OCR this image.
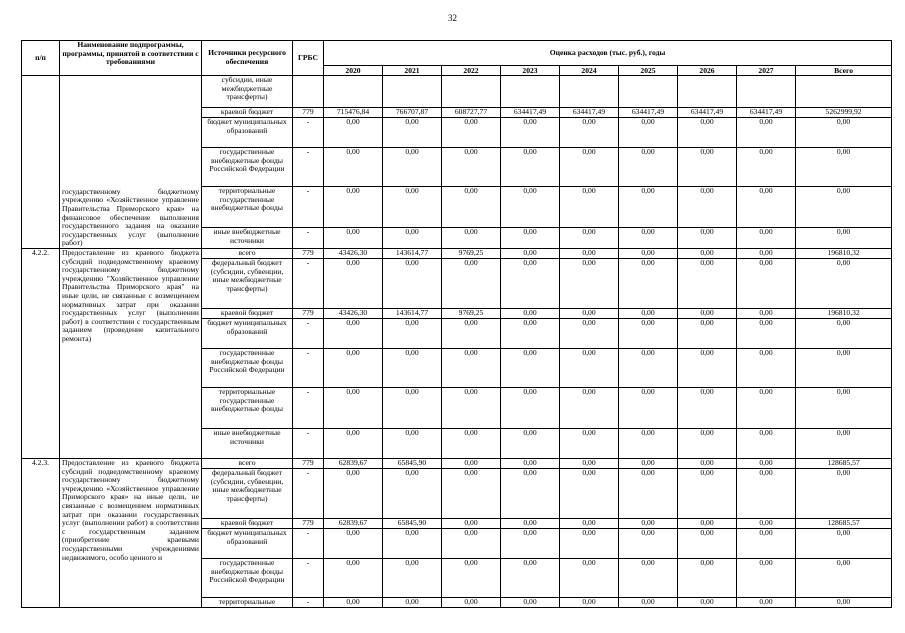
32
п/п	Наименование подпрограммы, программы, принятой в соответствии с требованиями	Источники ресурсного обеспечения	ГРБС	Оценка расходов (тыс. руб.), годы								
				2020	2021	2022	2023	2024	2025	2026	2027	Всего

	государственному бюджетному учреждению «Хозяйственное управление Правительства Приморского края» на финансовое обеспечение выполнения государственного задания на оказание государственных услуг (выполнение работ)	субсидии, иные межбюджетные трансферты)										

		краевой бюджет	779	715476,84	766707,87	608727,77	634417,49	634417,49	634417,49	634417,49	634417,49	5262999,92

		бюджет муниципальных образований	-	0,00	0,00	0,00	0,00	0,00	0,00	0,00	0,00	0,00

		государственные внебюджетные фонды Российской Федерации	-	0,00	0,00	0,00	0,00	0,00	0,00	0,00	0,00	0,00

		территориальные государственные внебюджетные фонды	-	0,00	0,00	0,00	0,00	0,00	0,00	0,00	0,00	0,00

		иные внебюджетные источники	-	0,00	0,00	0,00	0,00	0,00	0,00	0,00	0,00	0,00
4.2.2.	Предоставление из краевого бюджета субсидий подведомственному краевому государственному бюджетному учреждению "Хозяйственное управление Правительства Приморского края" на иные цели, не связанные с возмещением нормативных затрат при оказании государственных услуг (выполнении работ) в соответствии с государственным заданием (проведение капитального ремонта)	всего	779	43426,30	143614,77	9769,25	0,00	0,00	0,00	0,00	0,00	196810,32

		федеральный бюджет (субсидии, субвенции, иные межбюджетные трансферты)	-	0,00	0,00	0,00	0,00	0,00	0,00	0,00	0,00	0,00

		краевой бюджет	779	43426,30	143614,77	9769,25	0,00	0,00	0,00	0,00	0,00	196810,32

		бюджет муниципальных образований	-	0,00	0,00	0,00	0,00	0,00	0,00	0,00	0,00	0,00

		государственные внебюджетные фонды Российской Федерации	-	0,00	0,00	0,00	0,00	0,00	0,00	0,00	0,00	0,00

		территориальные государственные внебюджетные фонды	-	0,00	0,00	0,00	0,00	0,00	0,00	0,00	0,00	0,00

		иные внебюджетные источники	-	0,00	0,00	0,00	0,00	0,00	0,00	0,00	0,00	0,00
4.2.3.	Предоставление из краевого бюджета субсидий подведомственному краевому государственному бюджетному учреждению «Хозяйственное управление Приморского края» на иные цели, не связанные с возмещением нормативных затрат при оказании государственных услуг (выполнении работ) в соответствии с государственным заданием (приобретение краевыми государственными учреждениями недвижимого, особо ценного и	всего	779	62839,67	65845,90	0,00	0,00	0,00	0,00	0,00	0,00	128685,57

		федеральный бюджет (субсидии, субвенции, иные межбюджетные трансферты)	-	0,00	0,00	0,00	0,00	0,00	0,00	0,00	0,00	0,00

		краевой бюджет	779	62839,67	65845,90	0,00	0,00	0,00	0,00	0,00	0,00	128685,57

		бюджет муниципальных образований	-	0,00	0,00	0,00	0,00	0,00	0,00	0,00	0,00	0,00

		государственные внебюджетные фонды Российской Федерации	-	0,00	0,00	0,00	0,00	0,00	0,00	0,00	0,00	0,00

		территориальные	-	0,00	0,00	0,00	0,00	0,00	0,00	0,00	0,00	0,00
